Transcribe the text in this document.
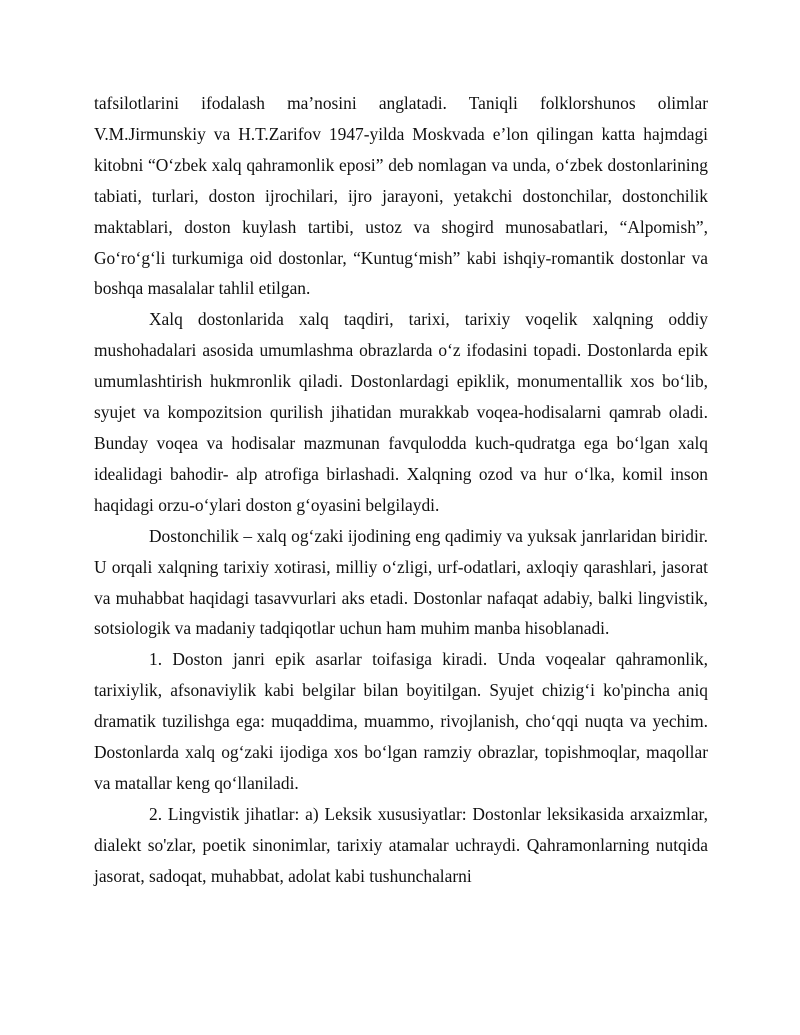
tafsilotlarini ifodalash ma’nosini anglatadi. Taniqli folklorshunos olimlar V.M.Jirmunskiy va H.T.Zarifov 1947-yilda Moskvada e’lon qilingan katta hajmdagi kitobni “O‘zbek xalq qahramonlik eposi” deb nomlagan va unda, o‘zbek dostonlarining tabiati, turlari, doston ijrochilari, ijro jarayoni, yetakchi dostonchilar, dostonchilik maktablari, doston kuylash tartibi, ustoz va shogird munosabatlari, “Alpomish”, Go‘ro‘g‘li turkumiga oid dostonlar, “Kuntug‘mish” kabi ishqiy-romantik dostonlar va boshqa masalalar tahlil etilgan.

Xalq dostonlarida xalq taqdiri, tarixi, tarixiy voqelik xalqning oddiy mushohadalari asosida umumlashma obrazlarda o‘z ifodasini topadi. Dostonlarda epik umumlashtirish hukmronlik qiladi. Dostonlardagi epiklik, monumentallik xos bo‘lib, syujet va kompozitsion qurilish jihatidan murakkab voqea-hodisalarni qamrab oladi. Bunday voqea va hodisalar mazmunan favqulodda kuch-qudratga ega bo‘lgan xalq idealidagi bahodir- alp atrofiga birlashadi. Xalqning ozod va hur o‘lka, komil inson haqidagi orzu-o‘ylari doston g‘oyasini belgilaydi.

Dostonchilik – xalq og‘zaki ijodining eng qadimiy va yuksak janrlaridan biridir. U orqali xalqning tarixiy xotirasi, milliy o‘zligi, urf-odatlari, axloqiy qarashlari, jasorat va muhabbat haqidagi tasavvurlari aks etadi. Dostonlar nafaqat adabiy, balki lingvistik, sotsiologik va madaniy tadqiqotlar uchun ham muhim manba hisoblanadi.

1. Doston janri epik asarlar toifasiga kiradi. Unda voqealar qahramonlik, tarixiylik, afsonaviylik kabi belgilar bilan boyitilgan. Syujet chizig‘i ko'pincha aniq dramatik tuzilishga ega: muqaddima, muammo, rivojlanish, cho‘qqi nuqta va yechim. Dostonlarda xalq og‘zaki ijodiga xos bo‘lgan ramziy obrazlar, topishmoqlar, maqollar va matallar keng qo‘llaniladi.

2. Lingvistik jihatlar: a) Leksik xususiyatlar: Dostonlar leksikasida arxaizmlar, dialekt so'zlar, poetik sinonimlar, tarixiy atamalar uchraydi. Qahramonlarning nutqida jasorat, sadoqat, muhabbat, adolat kabi tushunchalarni
